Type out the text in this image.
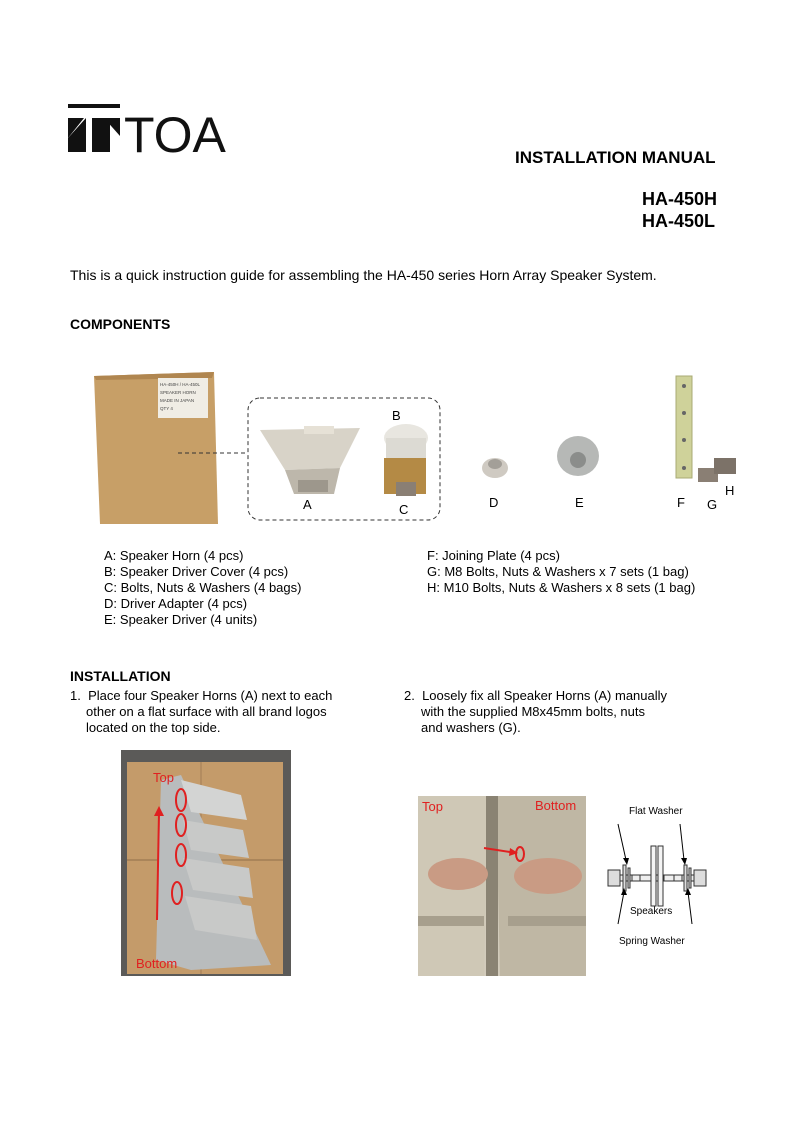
TOA	INSTALLATION MANUAL
HA-450H
HA-450L
This is a quick instruction guide for assembling the HA-450 series Horn Array Speaker System.
COMPONENTS
HA-450H / HA-450L
SPEAKER HORN
MADE IN JAPAN
QTY 4	B
A	C	D	E	F G
H
A: Speaker Horn (4 pcs)
B: Speaker Driver Cover (4 pcs)
C: Bolts, Nuts & Washers (4 bags)
D: Driver Adapter (4 pcs)
E: Speaker Driver (4 units)
F: Joining Plate (4 pcs)
G: M8 Bolts, Nuts & Washers x 7 sets (1 bag)
H: M10 Bolts, Nuts & Washers x 8 sets (1 bag)
INSTALLATION
1. Place four Speaker Horns (A) next to each
other on a flat surface with all brand logos
located on the top side.
2. Loosely fix all Speaker Horns (A) manually
with the supplied M8x45mm bolts, nuts
and washers (G).
Top
Bottom
Top	Bottom	Flat Washer
Speakers
Spring Washer
